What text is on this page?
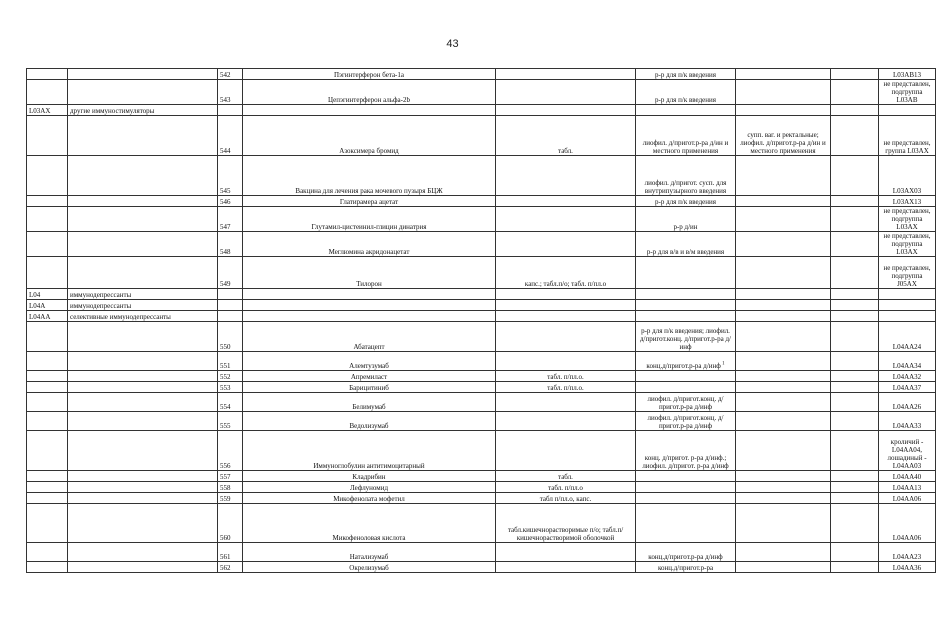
43
		542	Пэгинтерферон бета-1a		р-р для п/к введения			L03AB13
		543	Цепэгинтерферон альфа-2b		р-р для п/к введения			не представлен, подгруппа L03AB
L03AX	другие иммуностимуляторы							
		544	Азоксимера бромид	табл.	лиофил. д/пригот.р-ра д/ин и местного применения	супп. ваг. и ректальные; лиофил. д/пригот.р-ра д/ин и местного применения		не представлен, группа L03AX
		545	Вакцина для лечения рака мочевого пузыря БЦЖ		лиофил. д/пригот. сусп. для внутрипузырного введения			L03AX03
		546	Глатирамера ацетат		р-р для п/к введения			L03AX13
		547	Глутамил-цистеинил-глицин динатрия		р-р д/ин			не представлен, подгруппа L03AX
		548	Меглюмина акридонацетат		р-р для в/в и в/м введения			не представлен, подгруппа L03AX
		549	Тилорон	капс.; табл.п/о; табл. п/пл.о				не представлен, подгруппа J05AX
L04	иммунодепрессанты							
L04A	иммунодепрессанты							
L04AA	селективные иммунодепрессанты							
		550	Абатацепт		р-р для п/к введения; лиофил. д/пригот.конц. д/пригот.р-ра д/инф			L04AA24
		551	Алемтузумаб		конц.д/пригот.р-ра д/инф $^1$			L04AA34
		552	Апремиласт	табл. п/пл.о.				L04AA32
		553	Барицитиниб	табл. п/пл.о.				L04AA37
		554	Белимумаб		лиофил. д/пригот.конц. д/пригот.р-ра д/инф			L04AA26
		555	Ведолизумаб		лиофил. д/пригот.конц. д/пригот.р-ра д/инф			L04AA33
		556	Иммуноглобулин антитимоцитарный		конц. д/пригот. р-ра д/инф.; лиофил. д/пригот. р-ра д/инф			кроличий - L04AA04, лошадиный - L04AA03
		557	Кладрибин	табл.				L04AA40
		558	Лефлуномид	табл. п/пл.о				L04AA13
		559	Микофенолата мофетил	табл п/пл.о, капс.				L04AA06
		560	Микофеноловая кислота	табл.кишечнорастворимые п/о; табл.п/кишечнорастворимой оболочкой				L04AA06
		561	Натализумаб		конц.д/пригот.р-ра д/инф			L04AA23
		562	Окрелизумаб		конц.д/пригот.р-ра			L04AA36
